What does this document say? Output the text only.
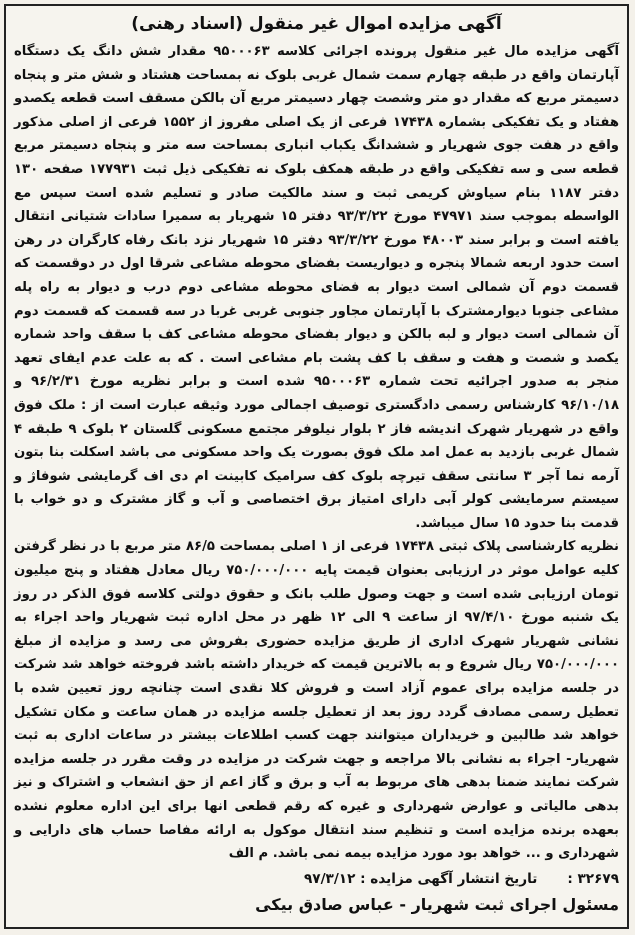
آگهی مزایده اموال غیر منقول (اسناد رهنی)
آگهی مزایده مال غیر منقول پرونده اجرائی کلاسه ۹۵۰۰۰۶۳ مقدار شش دانگ یک دستگاه آپارتمان واقع در طبقه چهارم سمت شمال غربی بلوک نه بمساحت هشتاد و شش متر و پنجاه دسیمتر مربع که مقدار دو متر وشصت چهار دسیمتر مربع آن بالکن مسقف است قطعه یکصدو هفتاد و یک تفکیکی بشماره ۱۷۴۳۸ فرعی از یک اصلی مفروز از ۱۵۵۲ فرعی از اصلی مذکور واقع در هفت جوی شهریار و ششدانگ یکباب انباری بمساحت سه متر و پنجاه دسیمتر مربع قطعه سی و سه تفکیکی واقع در طبقه همکف بلوک نه تفکیکی ذیل ثبت ۱۷۷۹۳۱ صفحه ۱۳۰ دفتر ۱۱۸۷ بنام سیاوش کریمی ثبت و سند مالکیت صادر و تسلیم شده است سپس مع الواسطه بموجب سند ۴۷۹۷۱ مورخ ۹۳/۳/۲۲ دفتر ۱۵ شهریار به سمیرا سادات شتیانی انتقال یافته است و برابر سند ۴۸۰۰۳ مورخ ۹۳/۳/۲۲ دفتر ۱۵ شهریار نزد بانک رفاه کارگران در رهن است حدود اربعه شمالا پنجره و دیواریست بفضای محوطه مشاعی شرقا اول در دوقسمت که قسمت دوم آن شمالی است دیوار به فضای محوطه مشاعی دوم درب و دیوار به راه پله مشاعی جنوبا دیوارمشترک با آپارتمان مجاور جنوبی غربی غربا در سه قسمت که قسمت دوم آن شمالی است دیوار و لبه بالکن و دیوار بفضای محوطه مشاعی کف با سقف واحد شماره یکصد و شصت و هفت و سقف با کف پشت بام مشاعی است . که به علت عدم ایفای تعهد منجر به صدور اجرائیه تحت شماره ۹۵۰۰۰۶۳ شده است و برابر نظریه مورخ ۹۶/۲/۳۱ و ۹۶/۱۰/۱۸ کارشناس رسمی دادگستری توصیف اجمالی مورد وثیقه عبارت است از : ملک فوق واقع در شهریار شهرک اندیشه فاز ۲ بلوار نیلوفر مجتمع مسکونی گلستان ۲ بلوک ۹ طبقه ۴ شمال غربی بازدید به عمل امد ملک فوق بصورت یک واحد مسکونی می باشد اسکلت بنا بتون آرمه نما آجر ۳ سانتی سقف تیرچه بلوک کف سرامیک کابینت ام دی اف گرمایشی شوفاژ و سیستم سرمایشی کولر آبی دارای امتیاز برق اختصاصی و آب و گاز مشترک و دو خواب با قدمت بنا حدود ۱۵ سال میباشد.
نظریه کارشناسی پلاک ثبتی ۱۷۴۳۸ فرعی از ۱ اصلی بمساحت ۸۶/۵ متر مربع با در نظر گرفتن کلیه عوامل موثر در ارزیابی بعنوان قیمت پایه ۷۵۰/۰۰۰/۰۰۰ ریال معادل هفتاد و پنج میلیون تومان ارزیابی شده است و جهت وصول طلب بانک و حقوق دولتی کلاسه فوق الذکر در روز یک شنبه مورخ ۹۷/۴/۱۰ از ساعت ۹ الی ۱۲ ظهر در محل اداره ثبت شهریار واحد اجراء به نشانی شهریار شهرک اداری از طریق مزایده حضوری بفروش می رسد و مزایده از مبلغ ۷۵۰/۰۰۰/۰۰۰ ریال شروع و به بالاترین قیمت که خریدار داشته باشد فروخته خواهد شد شرکت در جلسه مزایده برای عموم آزاد است و فروش کلا نقدی است چنانچه روز تعیین شده با تعطیل رسمی مصادف گردد روز بعد از تعطیل جلسه مزایده در همان ساعت و مکان تشکیل خواهد شد طالبین و خریداران میتوانند جهت کسب اطلاعات بیشتر در ساعات اداری به ثبت شهریار- اجراء به نشانی بالا مراجعه و جهت شرکت در مزایده در وقت مقرر در جلسه مزایده شرکت نمایند ضمنا بدهی های مربوط به آب و برق و گاز اعم از حق انشعاب و اشتراک و نیز بدهی مالیاتی و عوارض شهرداری و غیره که رقم قطعی انها برای این اداره معلوم نشده بعهده برنده مزایده است و تنظیم سند انتقال موکول به ارائه مفاصا حساب های دارایی و شهرداری و ... خواهد بود مورد مزایده بیمه نمی باشد. م الف
۳۲۶۷۹ :
تاریخ انتشار آگهی مزایده : ۹۷/۳/۱۲
مسئول اجرای ثبت شهریار - عباس صادق بیکی
